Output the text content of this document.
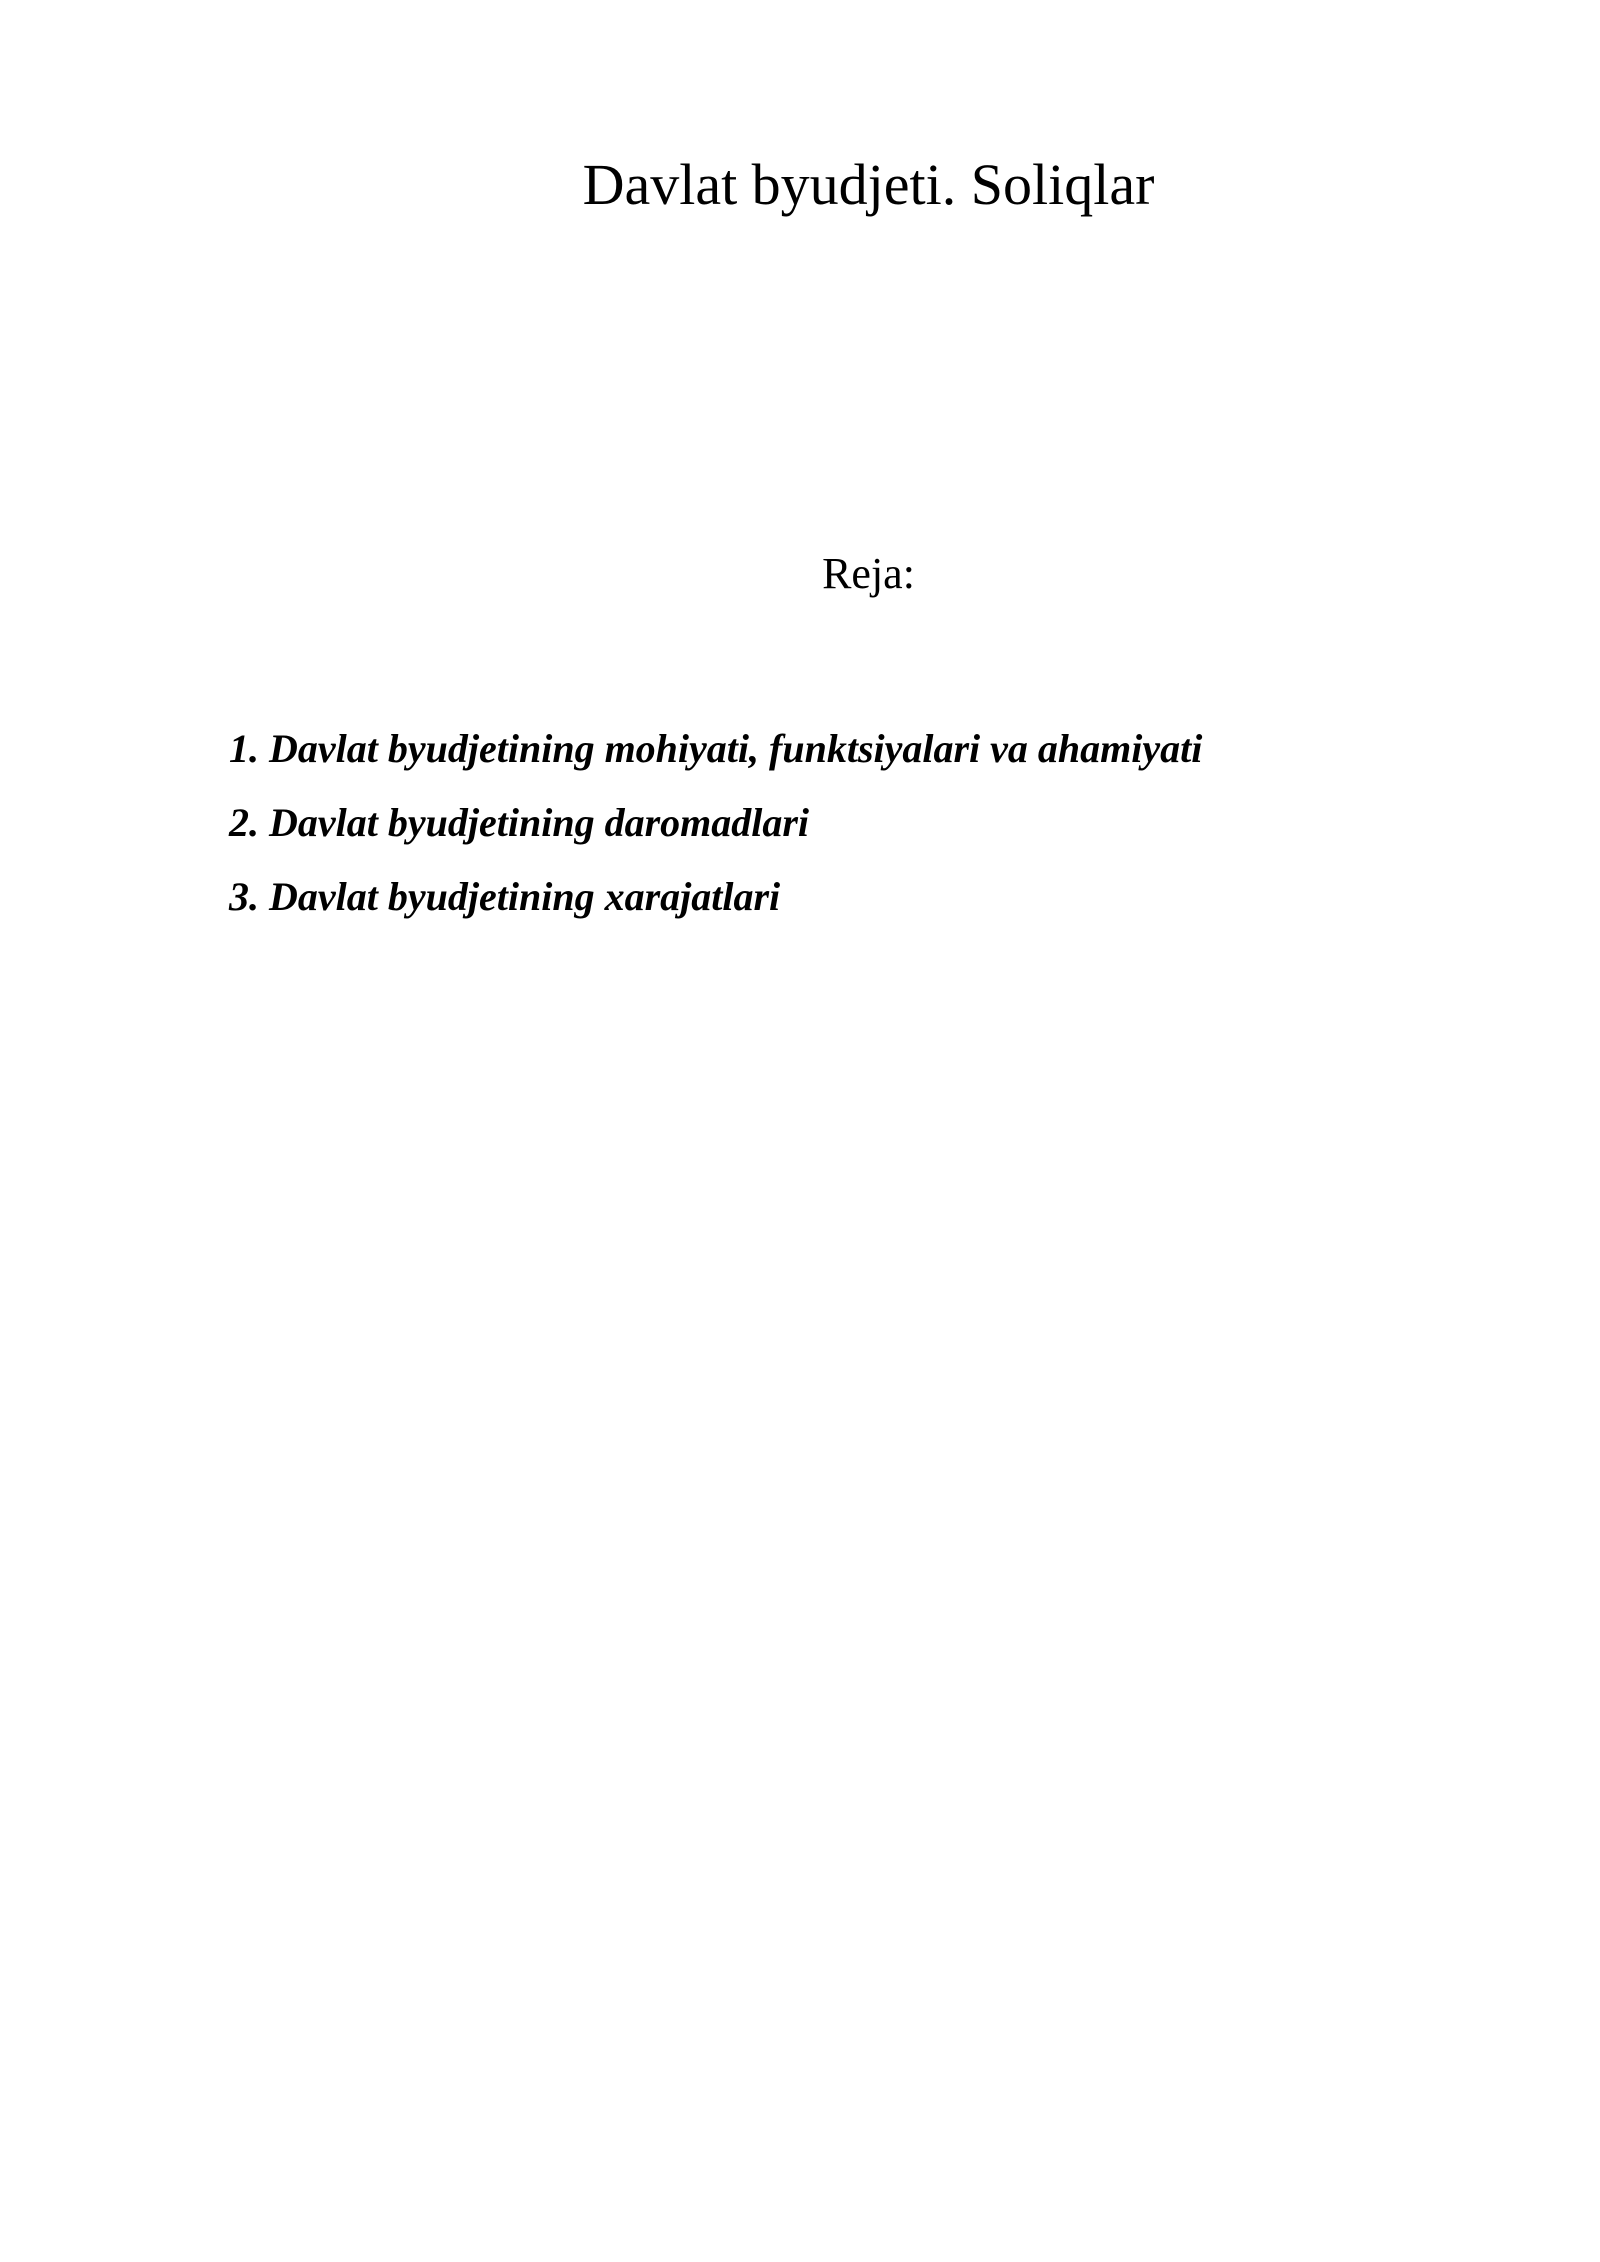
Davlat byudjeti. Soliqlar

Reja:

1. Davlat byudjetining mohiyati, funktsiyalari va ahamiyati
2. Davlat byudjetining daromadlari
3. Davlat byudjetining xarajatlari
